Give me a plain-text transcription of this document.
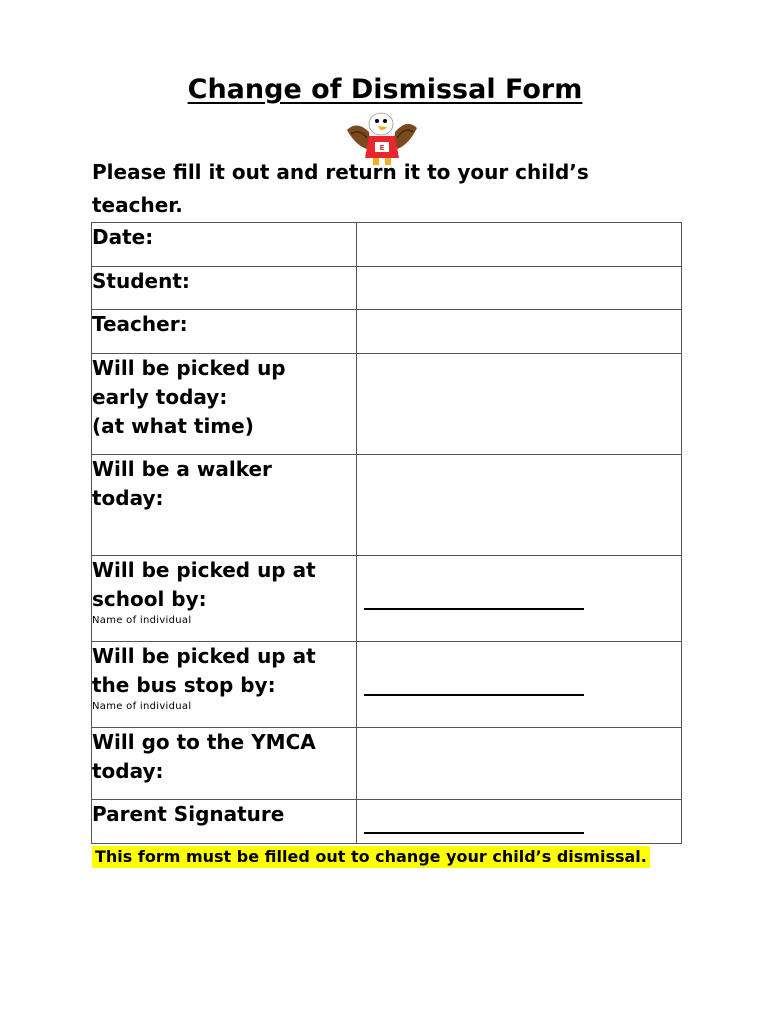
Change of Dismissal Form
E
Please fill it out and return it to your child’s teacher.
Date:	
Student:	
Teacher:	

Will be picked up
early today:
(at what time)	

Will be a walker
today:	

Will be picked up at
school by:
Name of individual	

Will be picked up at
the bus stop by:
Name of individual	

Will go to the YMCA
today:	

Parent Signature	
This form must be filled out to change your child’s dismissal.
